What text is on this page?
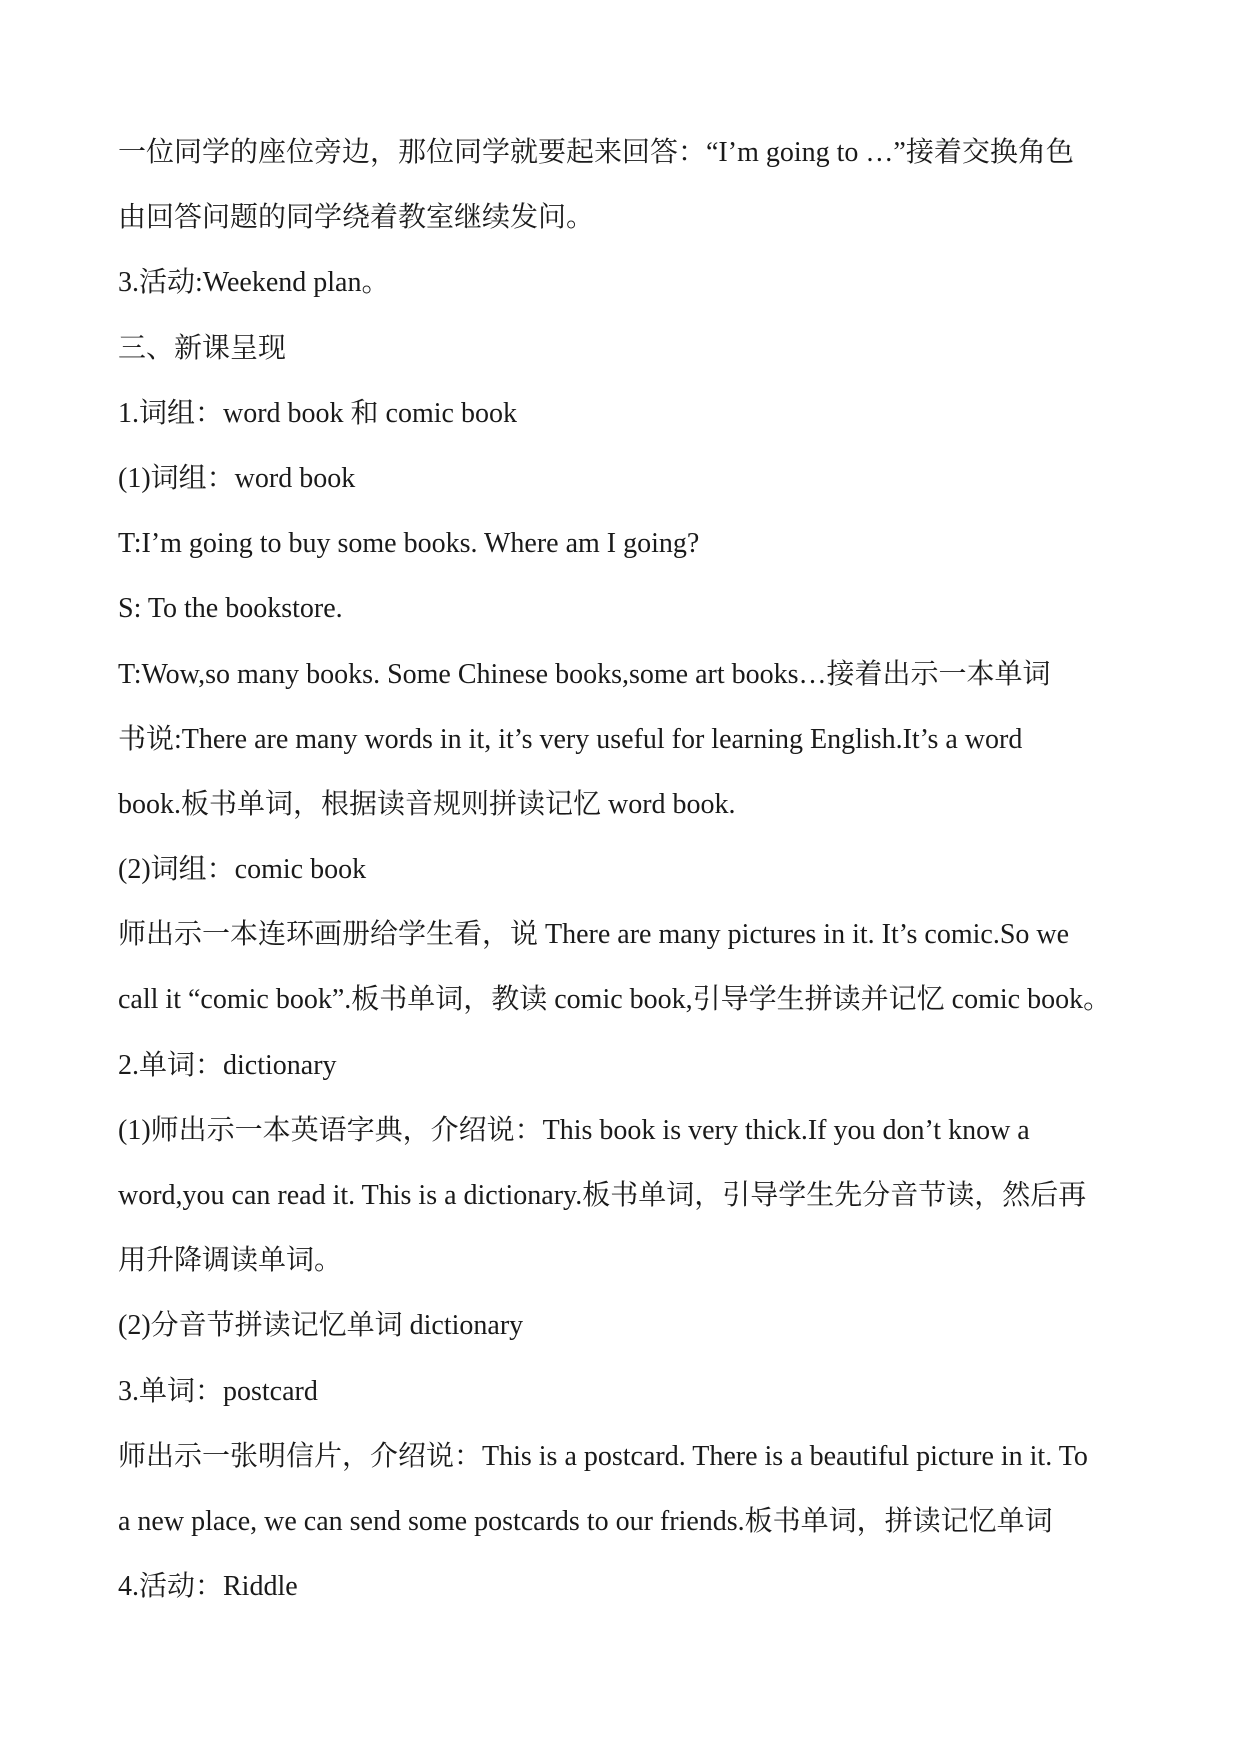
一位同学的座位旁边，那位同学就要起来回答：“I’m going to …”接着交换角色
由回答问题的同学绕着教室继续发问。
3.活动:Weekend plan。
三、新课呈现
1.词组：word book 和 comic book
(1)词组：word book
T:I’m going to buy some books. Where am I going?
S: To the bookstore.
T:Wow,so many books. Some Chinese books,some art books…接着出示一本单词
书说:There are many words in it, it’s very useful for learning English.It’s a word
book.板书单词，根据读音规则拼读记忆 word book.
(2)词组：comic book
师出示一本连环画册给学生看，说 There are many pictures in it. It’s comic.So we
call it “comic book”.板书单词，教读 comic book,引导学生拼读并记忆 comic book。
2.单词：dictionary
(1)师出示一本英语字典，介绍说：This book is very thick.If you don’t know a
word,you can read it. This is a dictionary.板书单词，引导学生先分音节读，然后再
用升降调读单词。
(2)分音节拼读记忆单词 dictionary
3.单词：postcard
师出示一张明信片，介绍说：This is a postcard. There is a beautiful picture in it. To
a new place, we can send some postcards to our friends.板书单词，拼读记忆单词
4.活动：Riddle
